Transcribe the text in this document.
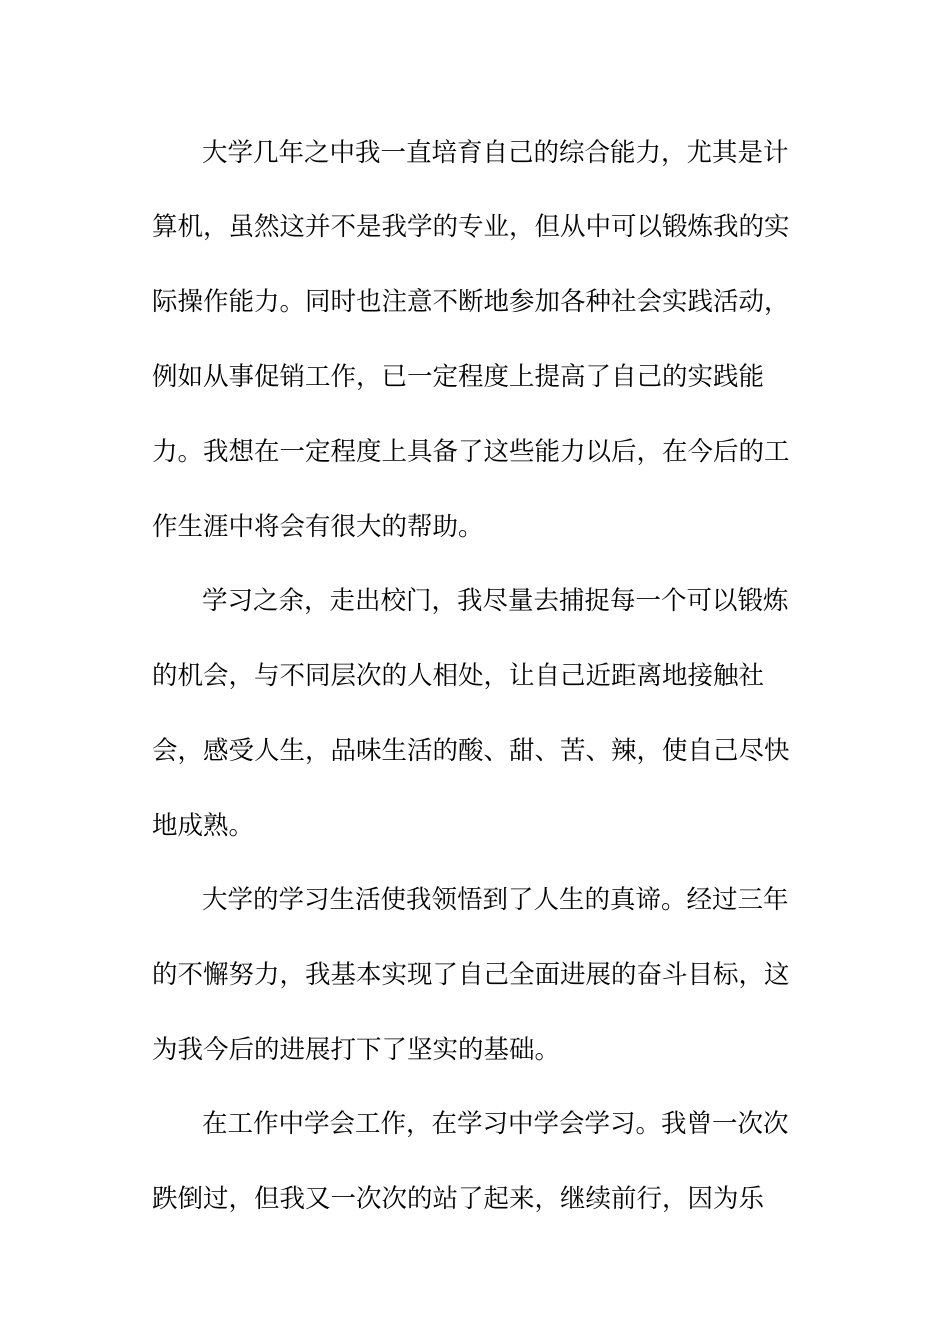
大学几年之中我一直培育自己的综合能力，尤其是计

算机，虽然这并不是我学的专业，但从中可以锻炼我的实

际操作能力。同时也注意不断地参加各种社会实践活动，

例如从事促销工作，已一定程度上提高了自己的实践能

力。我想在一定程度上具备了这些能力以后，在今后的工

作生涯中将会有很大的帮助。

学习之余，走出校门，我尽量去捕捉每一个可以锻炼

的机会，与不同层次的人相处，让自己近距离地接触社

会，感受人生，品味生活的酸、甜、苦、辣，使自己尽快

地成熟。

大学的学习生活使我领悟到了人生的真谛。经过三年

的不懈努力，我基本实现了自己全面进展的奋斗目标，这

为我今后的进展打下了坚实的基础。

在工作中学会工作，在学习中学会学习。我曾一次次

跌倒过，但我又一次次的站了起来，继续前行，因为乐
